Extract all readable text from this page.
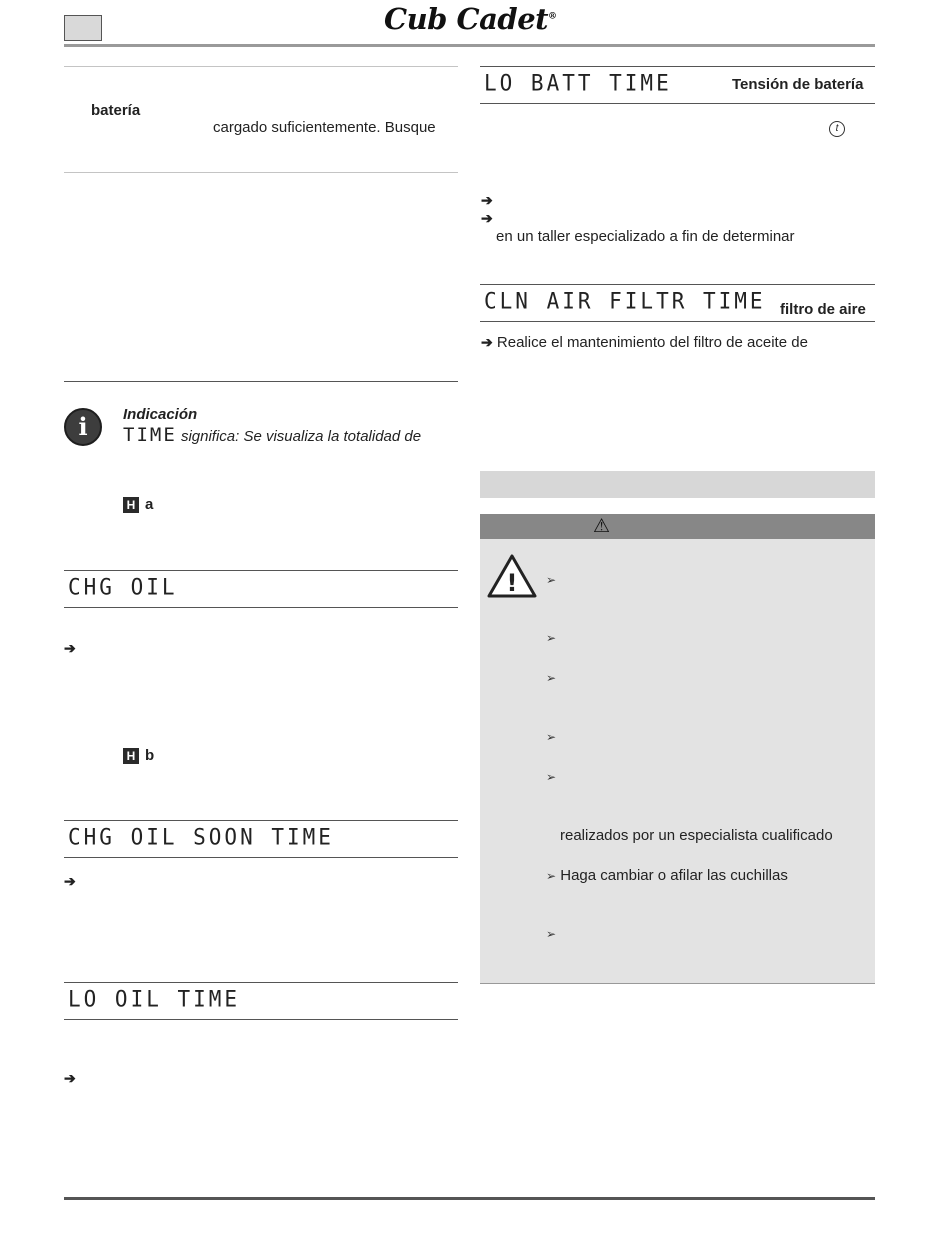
Cub Cadet®
batería
cargado suficientemente. Busque
i	Indicación
TIME significa: Se visualiza la totalidad de
H a
CHG OIL
➔
H b
CHG OIL SOON TIME
➔
LO OIL TIME
➔
LO BATT TIME	Tensión de batería
t
➔
➔
en un taller especializado a fin de determinar
CLN AIR FILTR TIME filtro de aire
➔ Realice el mantenimiento del filtro de aceite de
⚠
! ➢
➢
➢
➢
➢
realizados por un especialista cualificado
➢ Haga cambiar o afilar las cuchillas
➢
